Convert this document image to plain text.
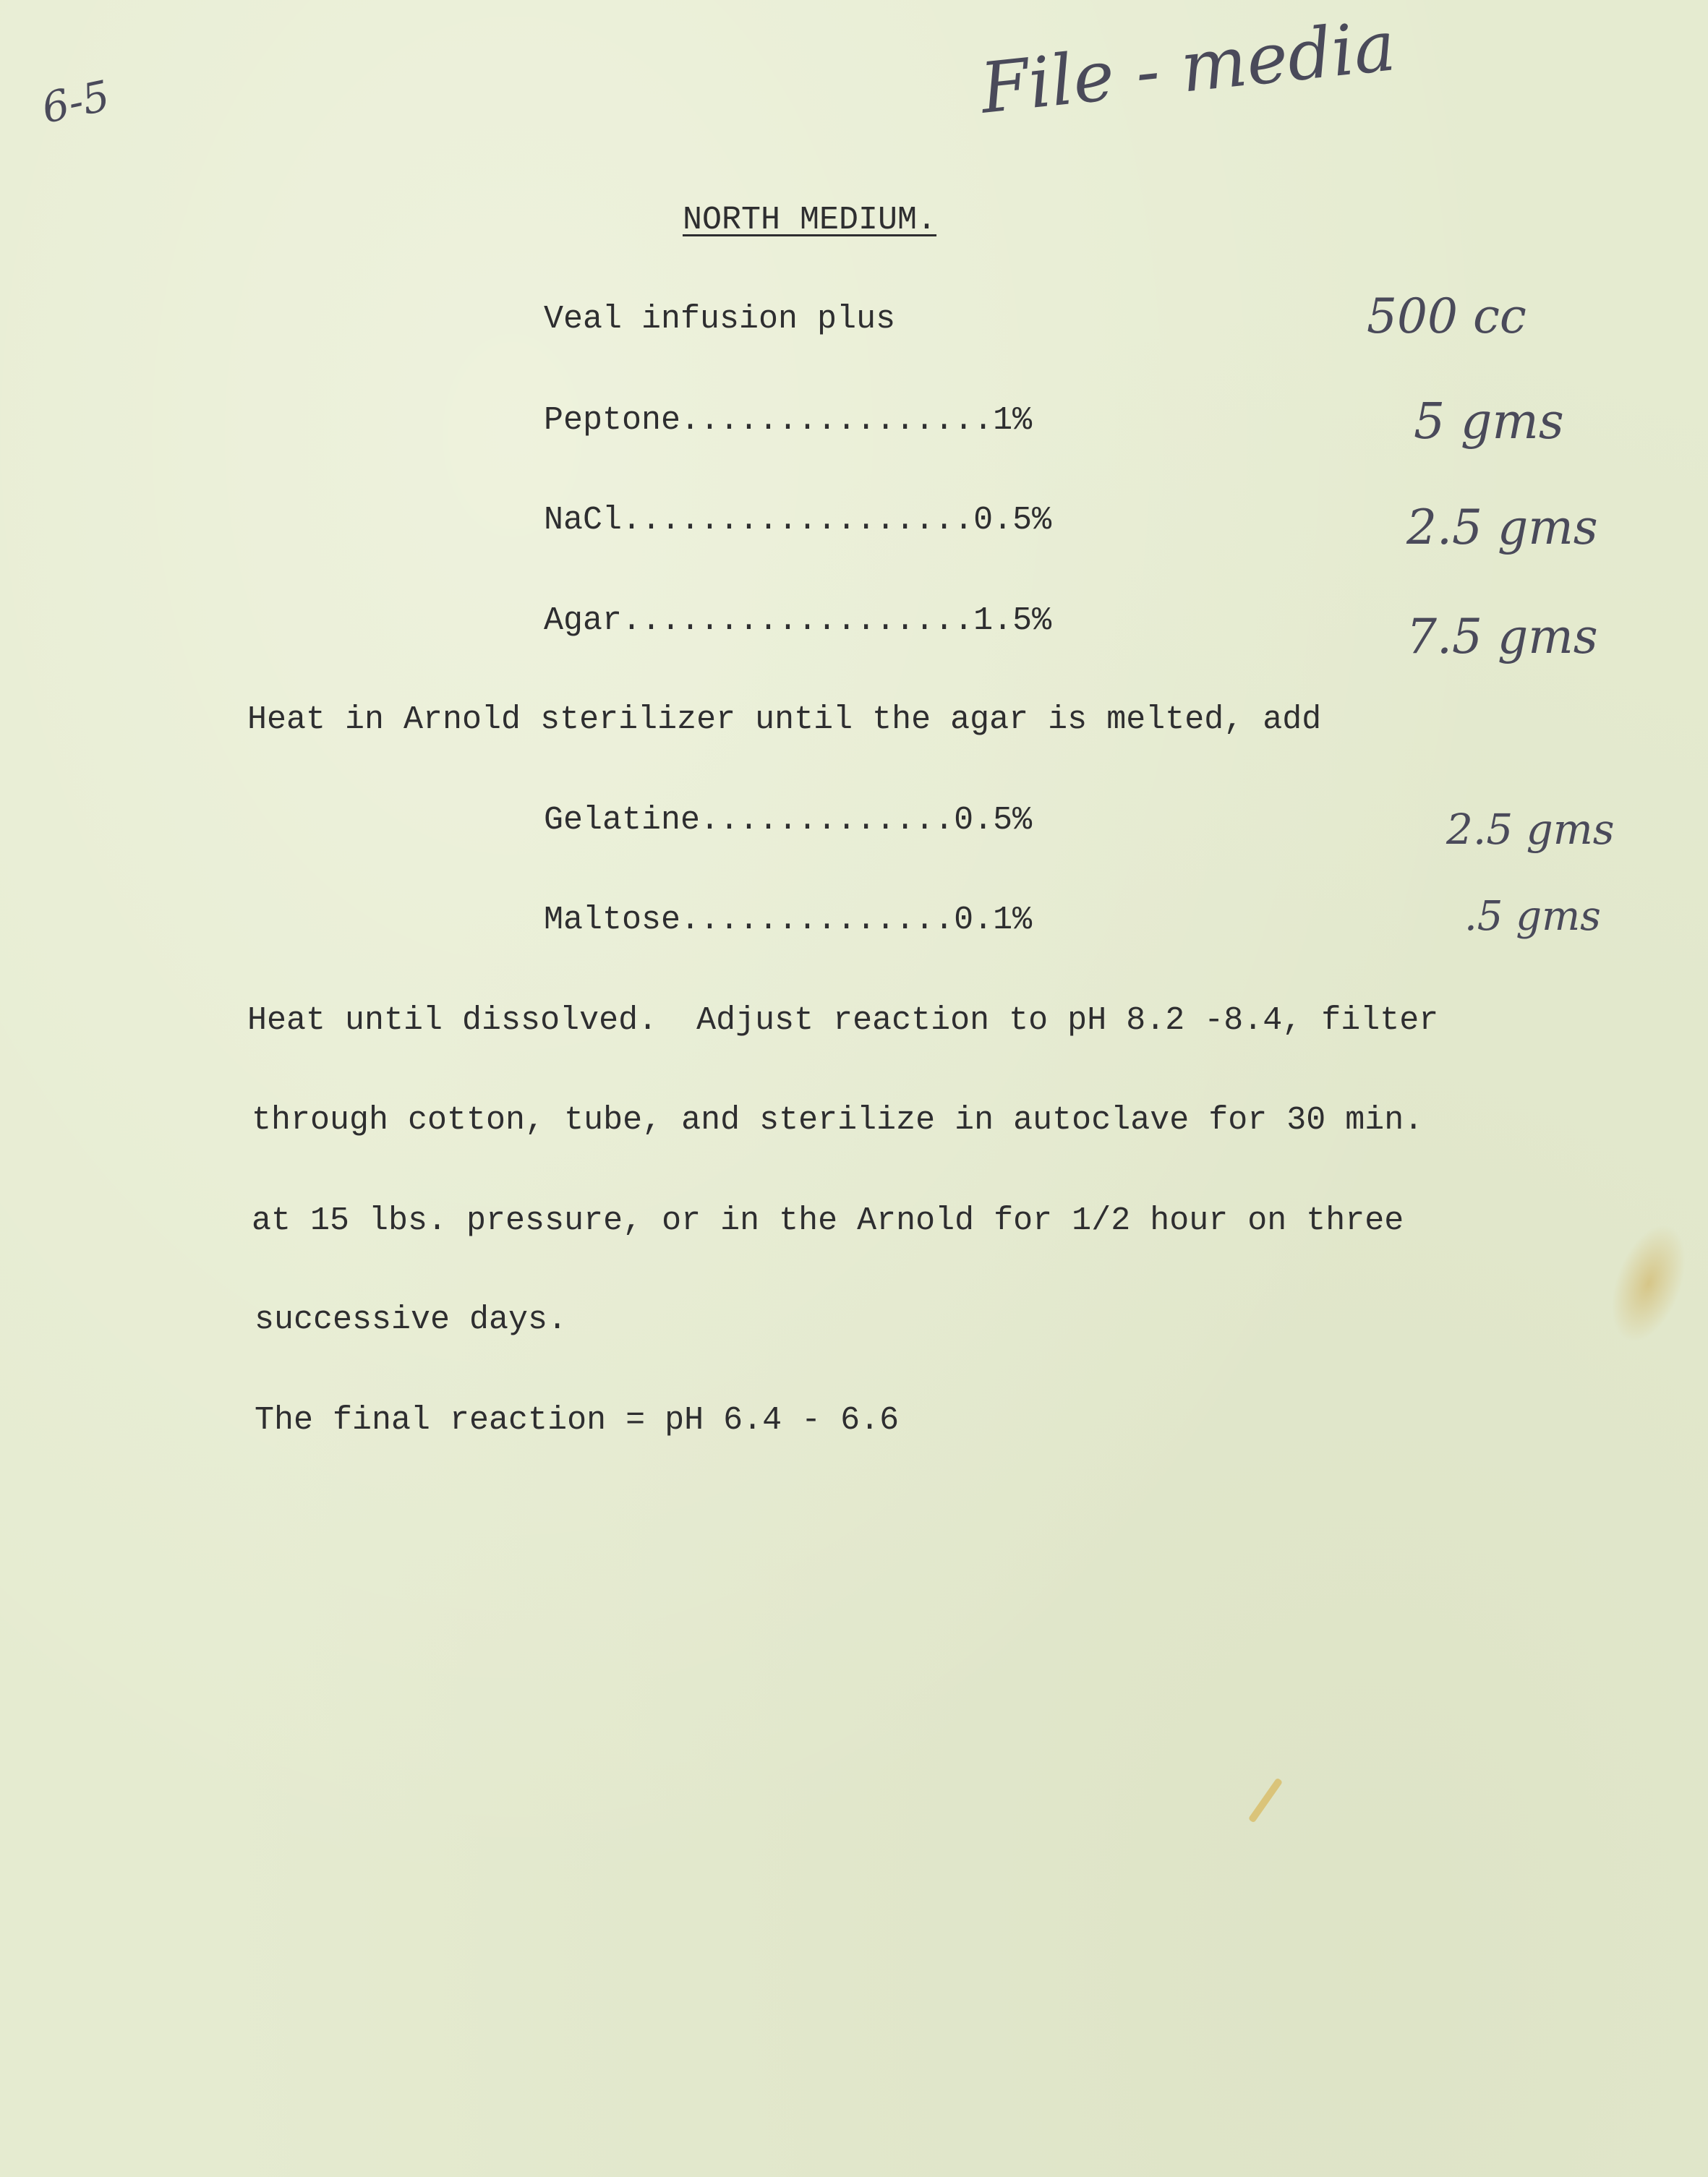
6-5	File - media
NORTH MEDIUM.
Veal infusion plus	500 cc
Peptone................1%	5 gms
NaCl..................0.5%	2.5 gms
Agar..................1.5%	7.5 gms
Heat in Arnold sterilizer until the agar is melted, add
Gelatine.............0.5%	2.5 gms
Maltose..............0.1%	.5 gms
Heat until dissolved.  Adjust reaction to pH 8.2 -8.4, filter
through cotton, tube, and sterilize in autoclave for 30 min.
at 15 lbs. pressure, or in the Arnold for 1/2 hour on three
successive days.
The final reaction = pH 6.4 - 6.6
